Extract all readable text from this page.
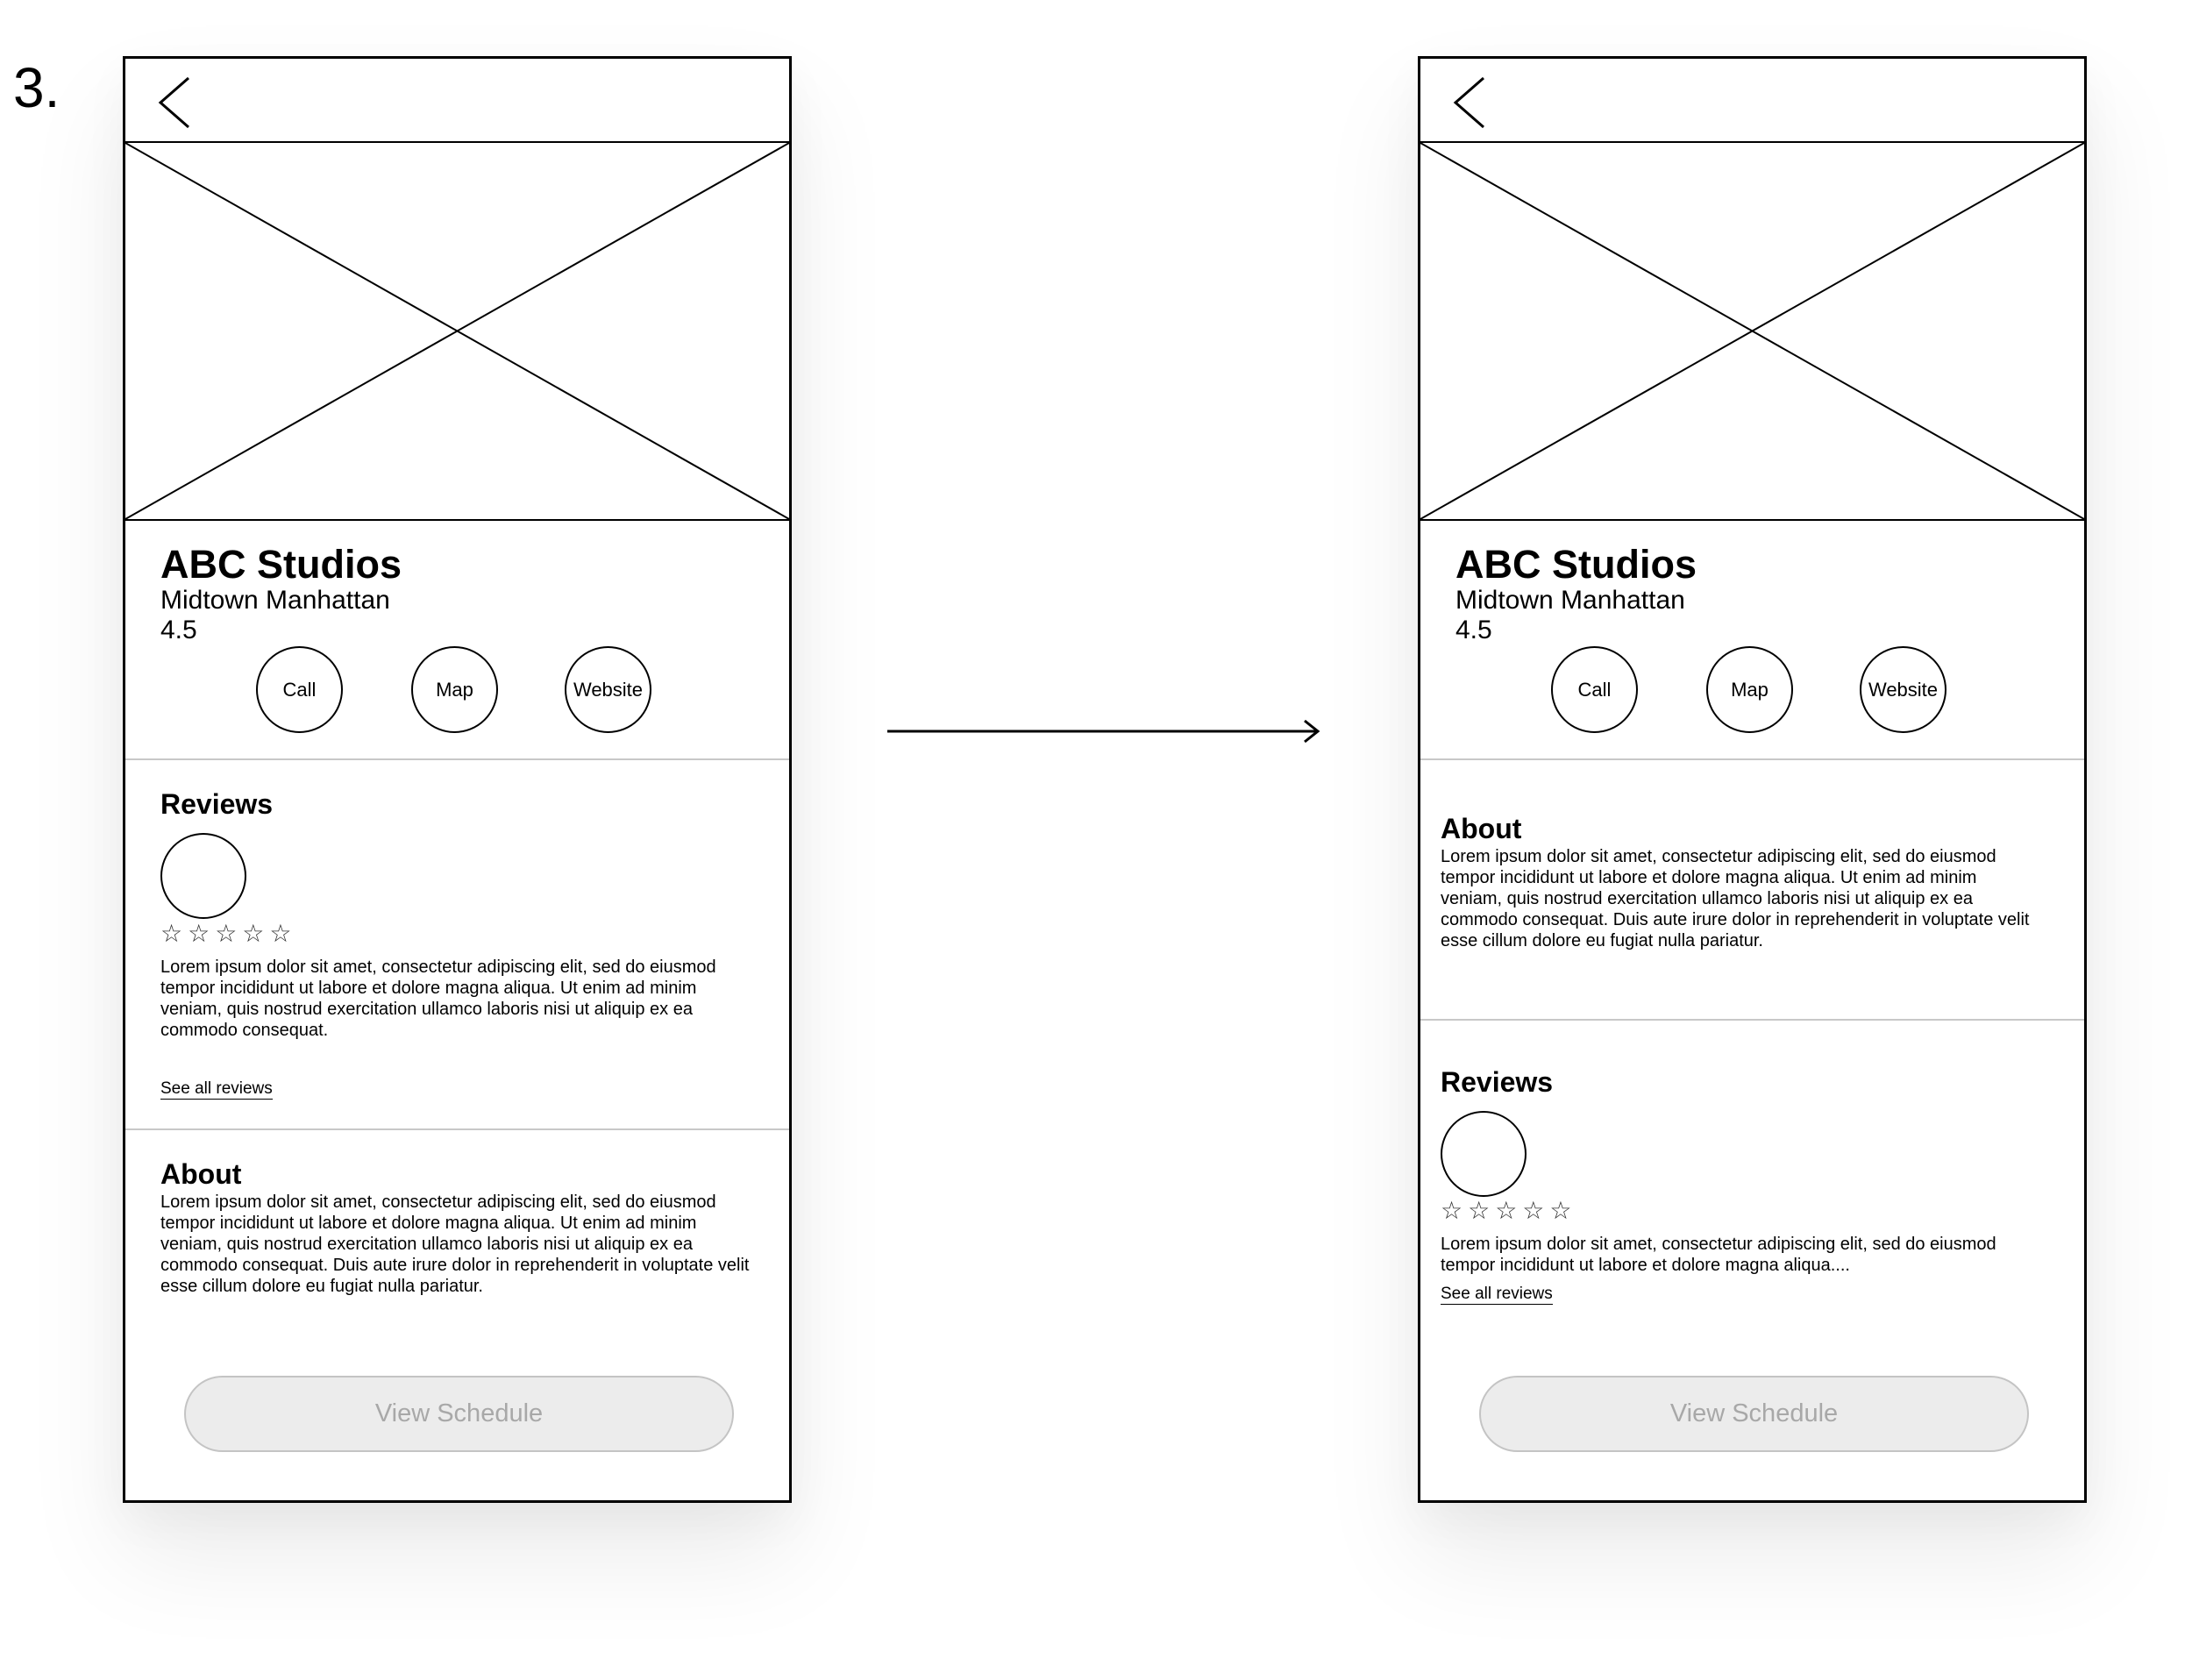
3.
ABC Studios
Midtown Manhattan
4.5
Call	Map	Website
Reviews
☆☆☆☆☆
Lorem ipsum dolor sit amet, consectetur adipiscing elit, sed do eiusmod tempor incididunt ut labore et dolore magna aliqua. Ut enim ad minim veniam, quis nostrud exercitation ullamco laboris nisi ut aliquip ex ea commodo consequat.
See all reviews
About
Lorem ipsum dolor sit amet, consectetur adipiscing elit, sed do eiusmod tempor incididunt ut labore et dolore magna aliqua. Ut enim ad minim veniam, quis nostrud exercitation ullamco laboris nisi ut aliquip ex ea commodo consequat. Duis aute irure dolor in reprehenderit in voluptate velit esse cillum dolore eu fugiat nulla pariatur.
View Schedule
ABC Studios
Midtown Manhattan
4.5
Call	Map	Website
About
Lorem ipsum dolor sit amet, consectetur adipiscing elit, sed do eiusmod tempor incididunt ut labore et dolore magna aliqua. Ut enim ad minim veniam, quis nostrud exercitation ullamco laboris nisi ut aliquip ex ea commodo consequat. Duis aute irure dolor in reprehenderit in voluptate velit esse cillum dolore eu fugiat nulla pariatur.
Reviews
☆☆☆☆☆
Lorem ipsum dolor sit amet, consectetur adipiscing elit, sed do eiusmod tempor incididunt ut labore et dolore magna aliqua....
See all reviews
View Schedule
